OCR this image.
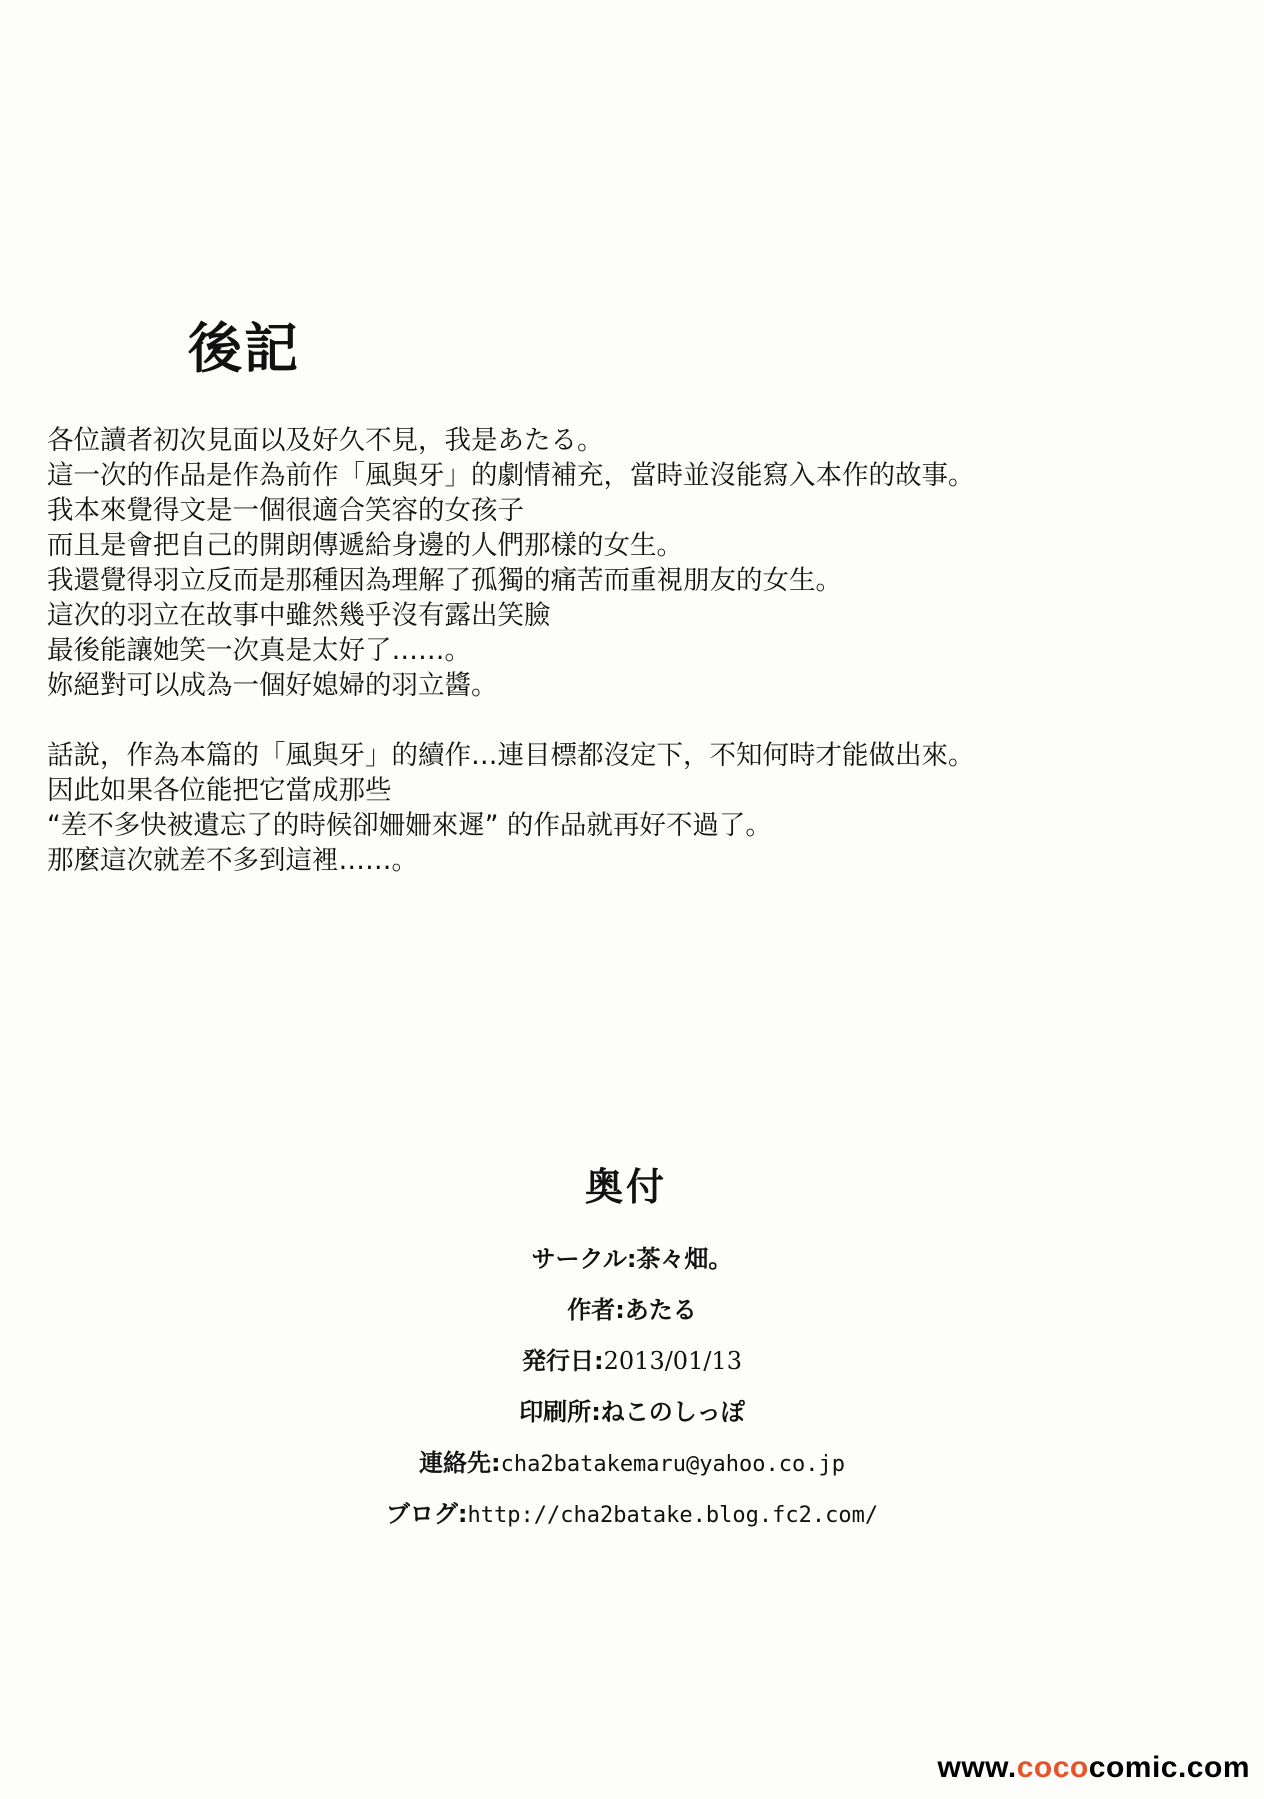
後記
各位讀者初次見面以及好久不見，我是あたる。
這一次的作品是作為前作「風與牙」的劇情補充，當時並沒能寫入本作的故事。
我本來覺得文是一個很適合笑容的女孩子
而且是會把自己的開朗傳遞給身邊的人們那樣的女生。
我還覺得羽立反而是那種因為理解了孤獨的痛苦而重視朋友的女生。
這次的羽立在故事中雖然幾乎沒有露出笑臉
最後能讓她笑一次真是太好了……。
妳絕對可以成為一個好媳婦的羽立醬。
話說，作為本篇的「風與牙」的續作…連目標都沒定下，不知何時才能做出來。
因此如果各位能把它當成那些
“差不多快被遺忘了的時候卻姍姍來遲” 的作品就再好不過了。
那麼這次就差不多到這裡……。
奥付
サークル:茶々畑。
作者:あたる
発行日:2013/01/13
印刷所:ねこのしっぽ
連絡先:cha2batakemaru@yahoo.co.jp
ブログ:http://cha2batake.blog.fc2.com/
www.cococomic.com
